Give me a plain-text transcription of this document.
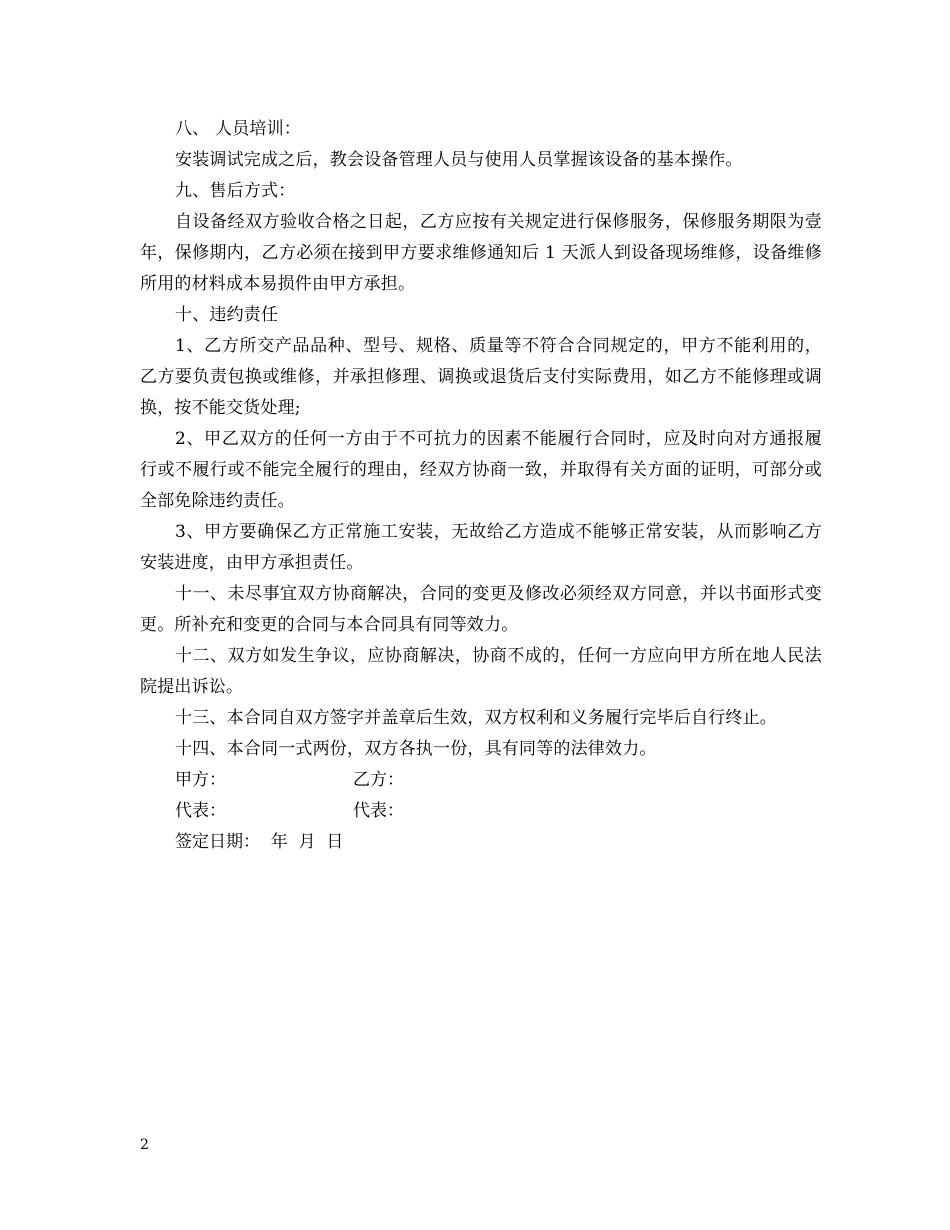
八、 人员培训：

安装调试完成之后，教会设备管理人员与使用人员掌握该设备的基本操作。

九、售后方式：

自设备经双方验收合格之日起，乙方应按有关规定进行保修服务，保修服务期限为壹年，保修期内，乙方必须在接到甲方要求维修通知后 1 天派人到设备现场维修，设备维修所用的材料成本易损件由甲方承担。

十、违约责任

1、乙方所交产品品种、型号、规格、质量等不符合合同规定的，甲方不能利用的，乙方要负责包换或维修，并承担修理、调换或退货后支付实际费用，如乙方不能修理或调换，按不能交货处理;

2、甲乙双方的任何一方由于不可抗力的因素不能履行合同时，应及时向对方通报履行或不履行或不能完全履行的理由，经双方协商一致，并取得有关方面的证明，可部分或全部免除违约责任。

3、甲方要确保乙方正常施工安装，无故给乙方造成不能够正常安装，从而影响乙方安装进度，由甲方承担责任。

十一、未尽事宜双方协商解决，合同的变更及修改必须经双方同意，并以书面形式变更。所补充和变更的合同与本合同具有同等效力。

十二、双方如发生争议，应协商解决，协商不成的，任何一方应向甲方所在地人民法院提出诉讼。

十三、本合同自双方签字并盖章后生效，双方权利和义务履行完毕后自行终止。

十四、本合同一式两份，双方各执一份，具有同等的法律效力。

甲方：	乙方：
代表：	代表：
签定日期：  年  月  日
2
